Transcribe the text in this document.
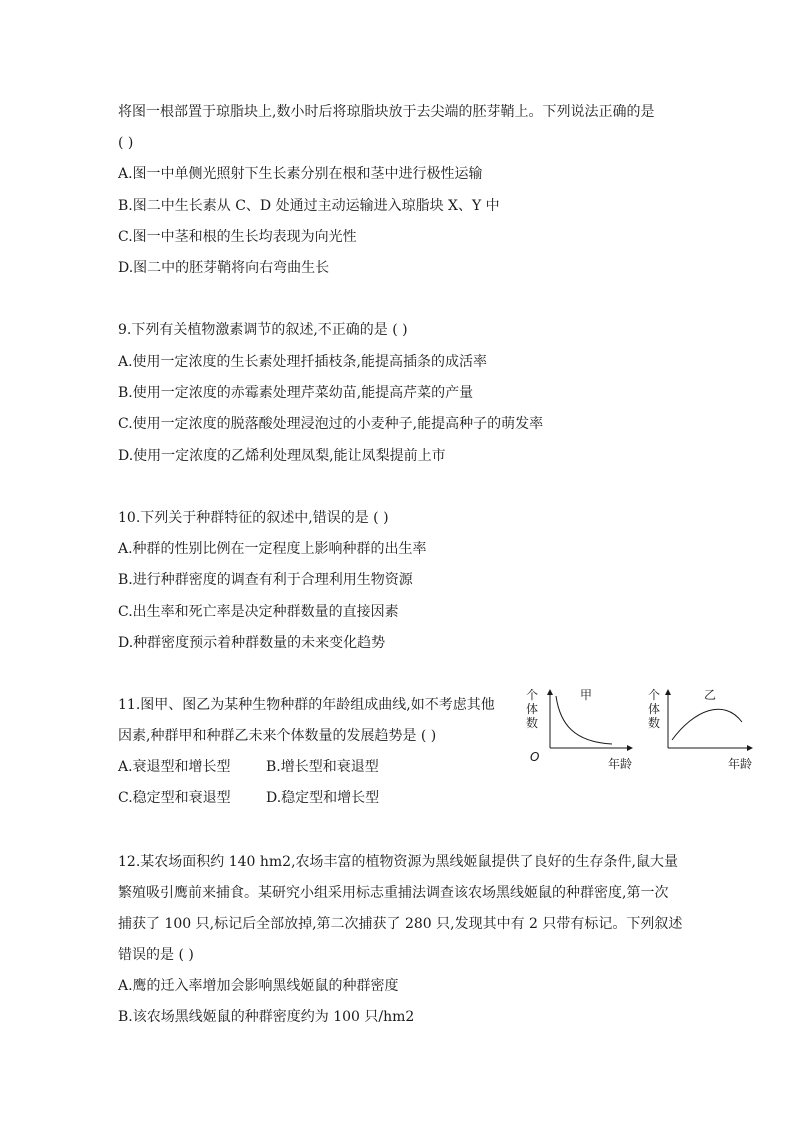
将图一根部置于琼脂块上,数小时后将琼脂块放于去尖端的胚芽鞘上。下列说法正确的是
( )
A.图一中单侧光照射下生长素分别在根和茎中进行极性运输
B.图二中生长素从 C、D 处通过主动运输进入琼脂块 X、Y 中
C.图一中茎和根的生长均表现为向光性
D.图二中的胚芽鞘将向右弯曲生长
9.下列有关植物激素调节的叙述,不正确的是 ( )
A.使用一定浓度的生长素处理扦插枝条,能提高插条的成活率
B.使用一定浓度的赤霉素处理芹菜幼苗,能提高芹菜的产量
C.使用一定浓度的脱落酸处理浸泡过的小麦种子,能提高种子的萌发率
D.使用一定浓度的乙烯利处理凤梨,能让凤梨提前上市
10.下列关于种群特征的叙述中,错误的是 ( )
A.种群的性别比例在一定程度上影响种群的出生率
B.进行种群密度的调查有利于合理利用生物资源
C.出生率和死亡率是决定种群数量的直接因素
D.种群密度预示着种群数量的未来变化趋势
11.图甲、图乙为某种生物种群的年龄组成曲线,如不考虑其他
因素,种群甲和种群乙未来个体数量的发展趋势是 ( )
A.衰退型和增长型	B.增长型和衰退型
C.稳定型和衰退型	D.稳定型和增长型
个
体
数
甲
O	年龄
个
体
数
乙
年龄
12.某农场面积约 140 hm2,农场丰富的植物资源为黑线姬鼠提供了良好的生存条件,鼠大量
繁殖吸引鹰前来捕食。某研究小组采用标志重捕法调查该农场黑线姬鼠的种群密度,第一次
捕获了 100 只,标记后全部放掉,第二次捕获了 280 只,发现其中有 2 只带有标记。下列叙述
错误的是 ( )
A.鹰的迁入率增加会影响黑线姬鼠的种群密度
B.该农场黑线姬鼠的种群密度约为 100 只/hm2
